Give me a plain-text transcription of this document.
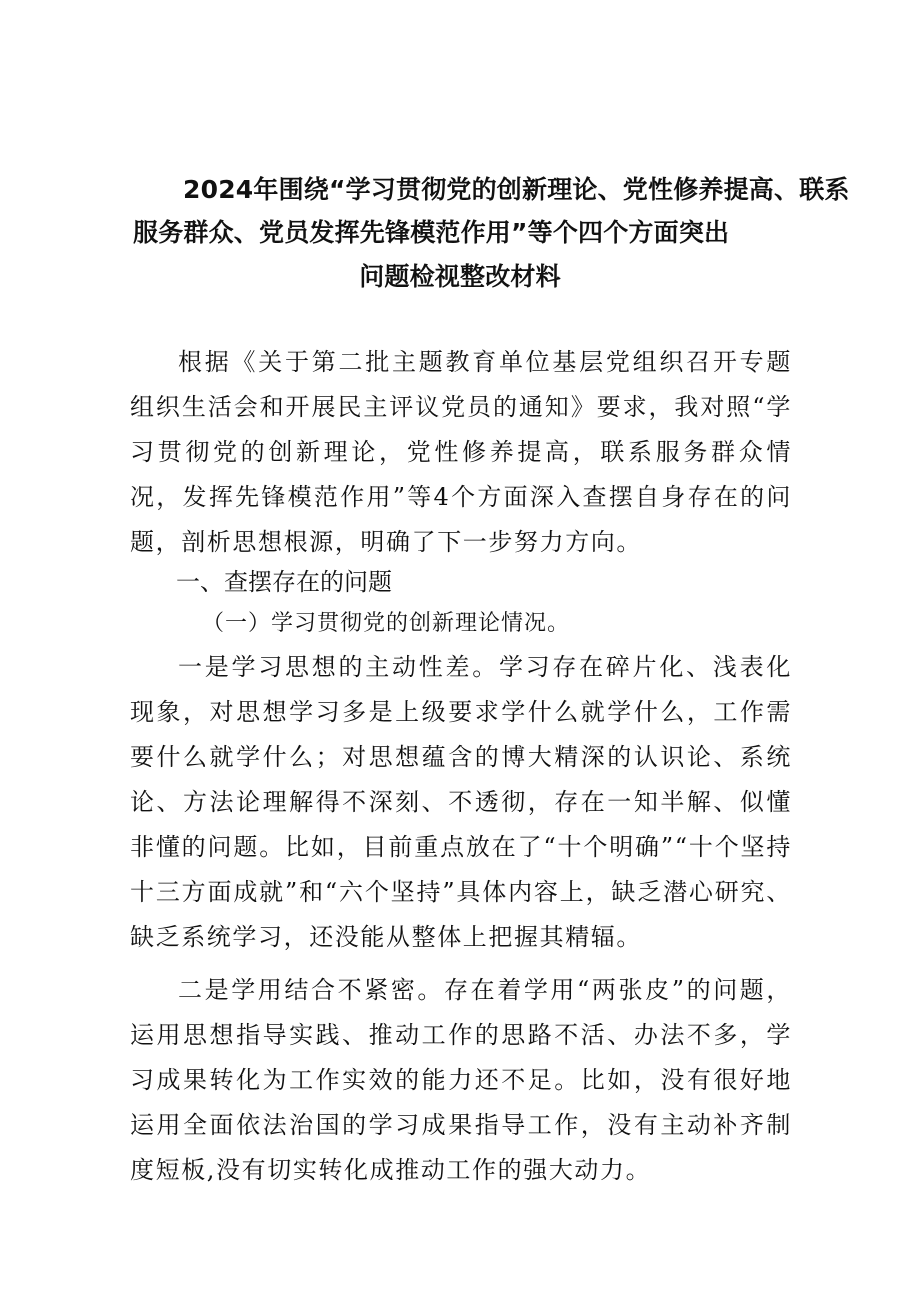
2024年围绕“学习贯彻党的创新理论、党性修养提高、联系
服务群众、党员发挥先锋模范作用”等个四个方面突出
问题检视整改材料

根据《关于第二批主题教育单位基层党组织召开专题组织生活会和开展民主评议党员的通知》要求，我对照“学习贯彻党的创新理论，党性修养提高，联系服务群众情况，发挥先锋模范作用”等4个方面深入查摆自身存在的问题，剖析思想根源，明确了下一步努力方向。

一、查摆存在的问题
（一）学习贯彻党的创新理论情况。

一是学习思想的主动性差。学习存在碎片化、浅表化现象，对思想学习多是上级要求学什么就学什么，工作需要什么就学什么；对思想蕴含的博大精深的认识论、系统论、方法论理解得不深刻、不透彻，存在一知半解、似懂非懂的问题。比如，目前重点放在了“十个明确”“十个坚持十三方面成就”和“六个坚持”具体内容上，缺乏潜心研究、缺乏系统学习，还没能从整体上把握其精辐。

二是学用结合不紧密。存在着学用“两张皮”的问题，运用思想指导实践、推动工作的思路不活、办法不多，学习成果转化为工作实效的能力还不足。比如，没有很好地运用全面依法治国的学习成果指导工作，没有主动补齐制度短板,没有切实转化成推动工作的强大动力。
